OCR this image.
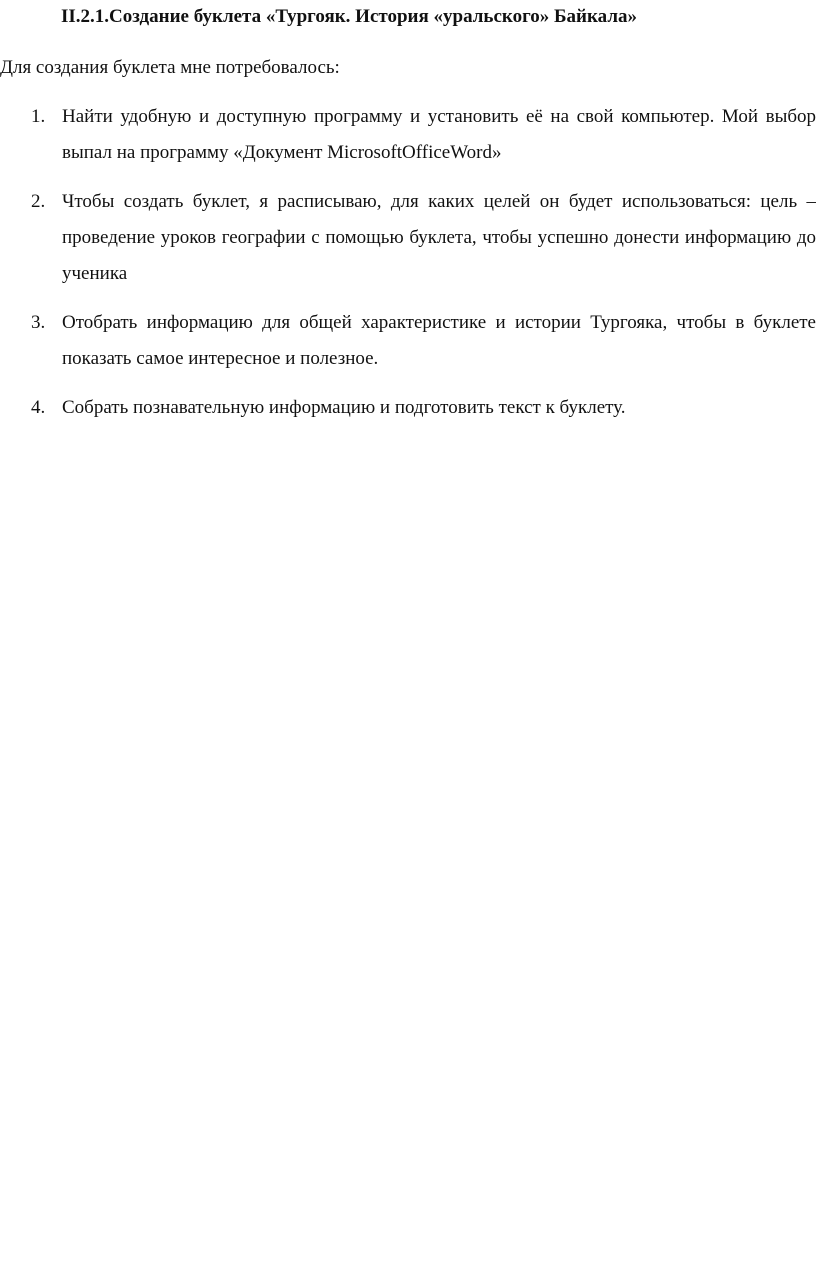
II.2.1.Создание буклета «Тургояк. История «уральского» Байкала»

Для создания буклета мне потребовалось:

1. Найти удобную и доступную программу и установить её на свой компьютер. Мой выбор выпал на программу «Документ MicrosoftOfficeWord»
2. Чтобы создать буклет, я расписываю, для каких целей он будет использоваться: цель – проведение уроков географии с помощью буклета, чтобы успешно донести информацию до ученика
3. Отобрать информацию для общей характеристике и истории Тургояка, чтобы в буклете показать самое интересное и полезное.
4. Собрать познавательную информацию и подготовить текст к буклету.
